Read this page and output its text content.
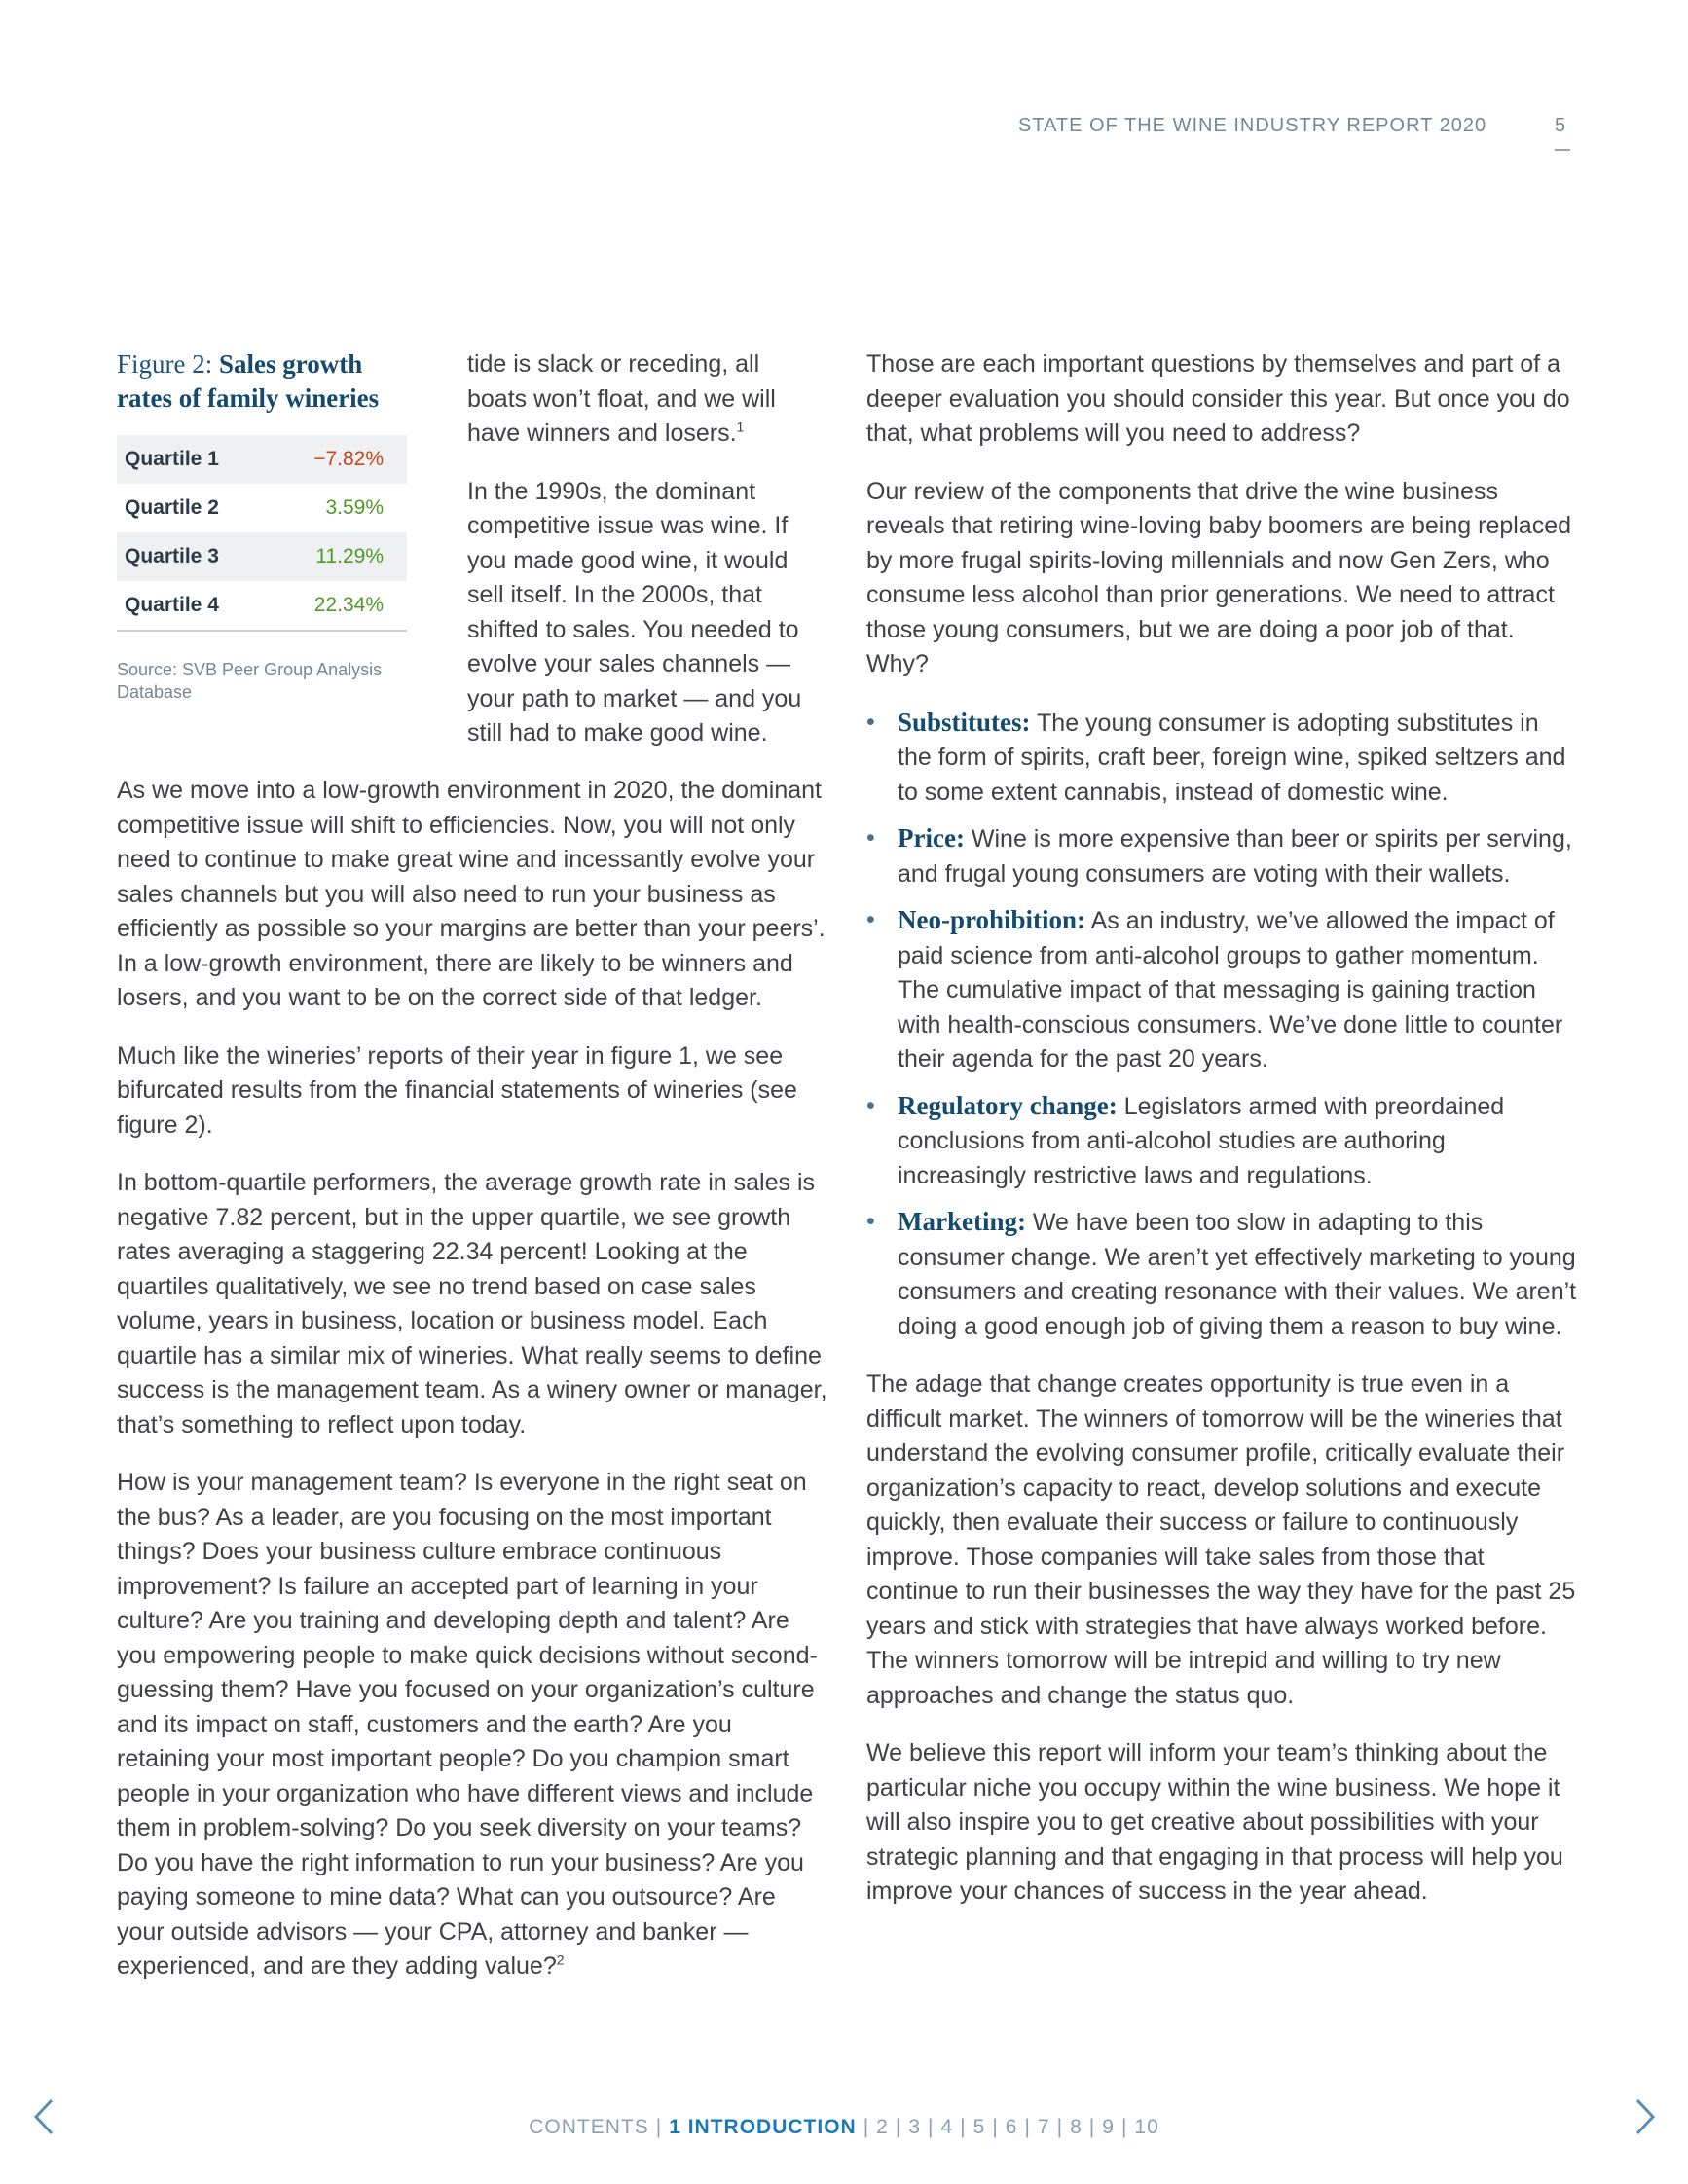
STATE OF THE WINE INDUSTRY REPORT 2020	5
Figure 2: Sales growth rates of family wineries
Quartile 1	−7.82%
Quartile 2	3.59%
Quartile 3	11.29%
Quartile 4	22.34%
Source: SVB Peer Group Analysis Database

tide is slack or receding, all boats won’t float, and we will have winners and losers.$^1$

In the 1990s, the dominant competitive issue was wine. If you made good wine, it would sell itself. In the 2000s, that shifted to sales. You needed to evolve your sales channels — your path to market — and you still had to make good wine.

As we move into a low-growth environment in 2020, the dominant competitive issue will shift to efficiencies. Now, you will not only need to continue to make great wine and incessantly evolve your sales channels but you will also need to run your business as efficiently as possible so your margins are better than your peers’. In a low-growth environment, there are likely to be winners and losers, and you want to be on the correct side of that ledger.

Much like the wineries’ reports of their year in figure 1, we see bifurcated results from the financial statements of wineries (see figure 2).

In bottom-quartile performers, the average growth rate in sales is negative 7.82 percent, but in the upper quartile, we see growth rates averaging a staggering 22.34 percent! Looking at the quartiles qualitatively, we see no trend based on case sales volume, years in business, location or business model. Each quartile has a similar mix of wineries. What really seems to define success is the management team. As a winery owner or manager, that’s something to reflect upon today.

How is your management team? Is everyone in the right seat on the bus? As a leader, are you focusing on the most important things? Does your business culture embrace continuous improvement? Is failure an accepted part of learning in your culture? Are you training and developing depth and talent? Are you empowering people to make quick decisions without second-guessing them? Have you focused on your organization’s culture and its impact on staff, customers and the earth? Are you retaining your most important people? Do you champion smart people in your organization who have different views and include them in problem-solving? Do you seek diversity on your teams? Do you have the right information to run your business? Are you paying someone to mine data? What can you outsource? Are your outside advisors — your CPA, attorney and banker — experienced, and are they adding value?$^2$

Those are each important questions by themselves and part of a deeper evaluation you should consider this year. But once you do that, what problems will you need to address?

Our review of the components that drive the wine business reveals that retiring wine-loving baby boomers are being replaced by more frugal spirits-loving millennials and now Gen Zers, who consume less alcohol than prior generations. We need to attract those young consumers, but we are doing a poor job of that. Why?

• Substitutes: The young consumer is adopting substitutes in the form of spirits, craft beer, foreign wine, spiked seltzers and to some extent cannabis, instead of domestic wine.
• Price: Wine is more expensive than beer or spirits per serving, and frugal young consumers are voting with their wallets.
• Neo-prohibition: As an industry, we’ve allowed the impact of paid science from anti-alcohol groups to gather momentum. The cumulative impact of that messaging is gaining traction with health-conscious consumers. We’ve done little to counter their agenda for the past 20 years.
• Regulatory change: Legislators armed with preordained conclusions from anti-alcohol studies are authoring increasingly restrictive laws and regulations.
• Marketing: We have been too slow in adapting to this consumer change. We aren’t yet effectively marketing to young consumers and creating resonance with their values. We aren’t doing a good enough job of giving them a reason to buy wine.

The adage that change creates opportunity is true even in a difficult market. The winners of tomorrow will be the wineries that understand the evolving consumer profile, critically evaluate their organization’s capacity to react, develop solutions and execute quickly, then evaluate their success or failure to continuously improve. Those companies will take sales from those that continue to run their businesses the way they have for the past 25 years and stick with strategies that have always worked before. The winners tomorrow will be intrepid and willing to try new approaches and change the status quo.

We believe this report will inform your team’s thinking about the particular niche you occupy within the wine business. We hope it will also inspire you to get creative about possibilities with your strategic planning and that engaging in that process will help you improve your chances of success in the year ahead.

CONTENTS | 1 INTRODUCTION | 2 | 3 | 4 | 5 | 6 | 7 | 8 | 9 | 10
